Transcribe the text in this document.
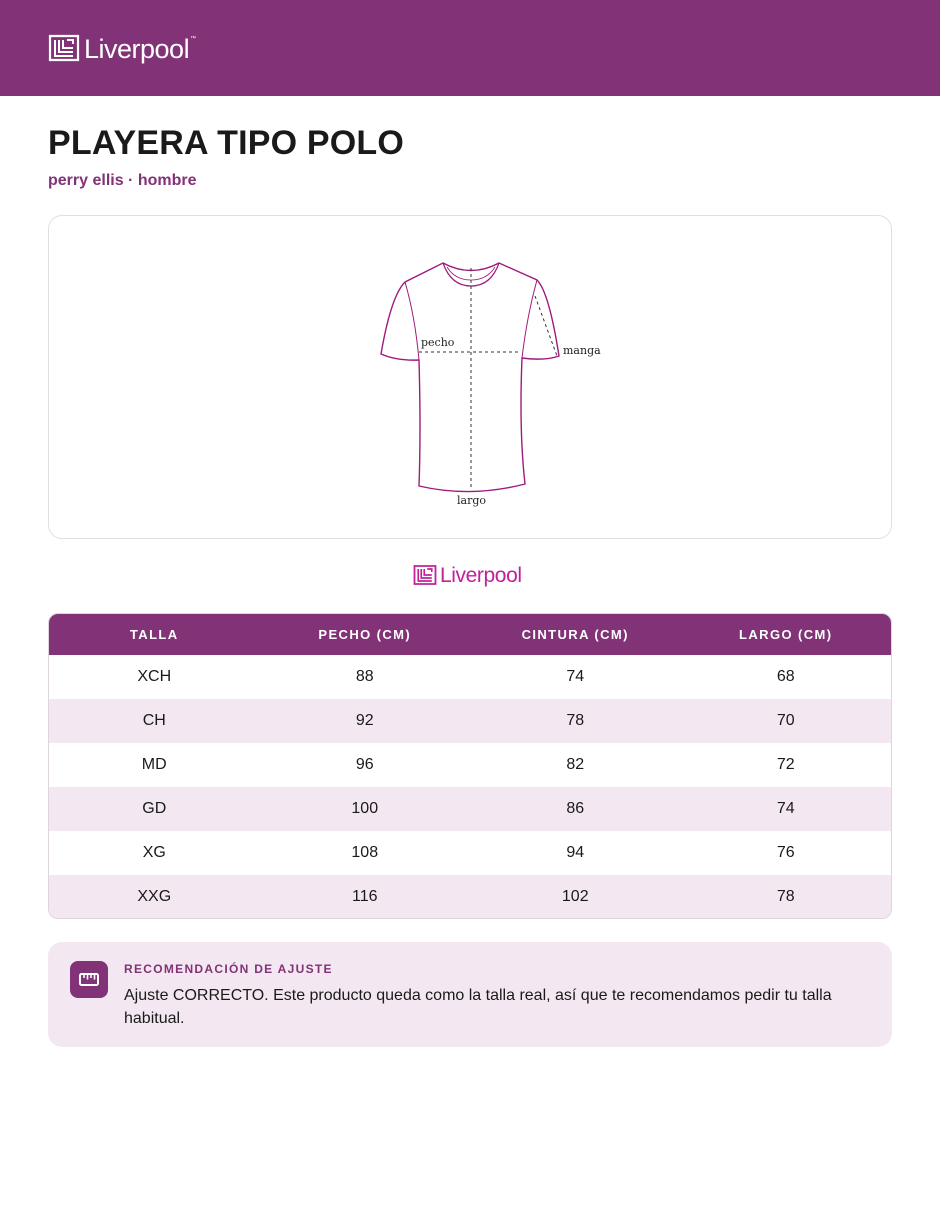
Liverpool ™
PLAYERA TIPO POLO
perry ellis · hombre
pecho
manga
largo
Liverpool
TALLA	PECHO (CM)	CINTURA (CM)	LARGO (CM)
XCH	88	74	68
CH	92	78	70
MD	96	82	72
GD	100	86	74
XG	108	94	76
XXG	116	102	78
RECOMENDACIÓN DE AJUSTE
Ajuste CORRECTO. Este producto queda como la talla real, así que te recomendamos pedir tu talla habitual.
